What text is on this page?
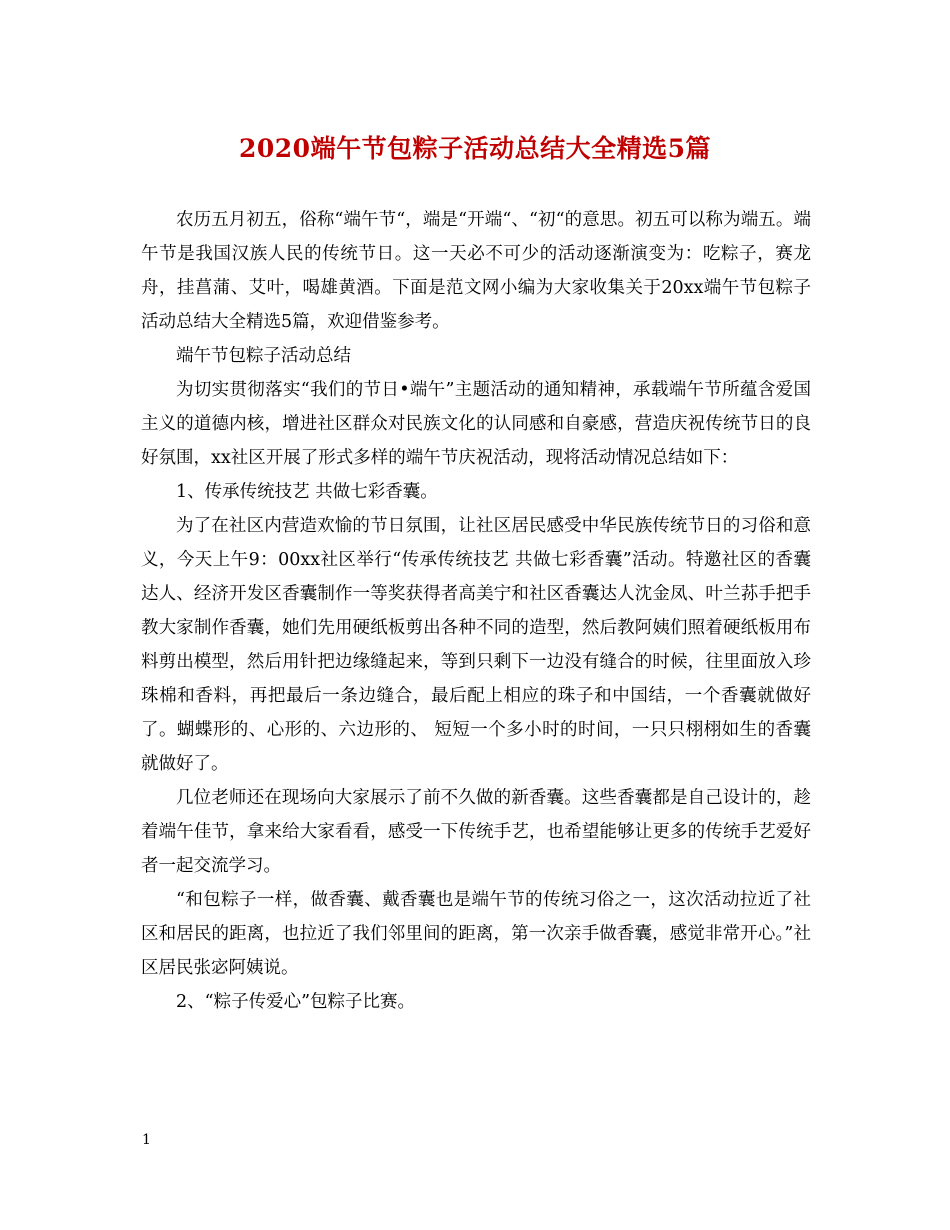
2020端午节包粽子活动总结大全精选5篇

农历五月初五，俗称“端午节“，端是“开端“、“初“的意思。初五可以称为端五。端午节是我国汉族人民的传统节日。这一天必不可少的活动逐渐演变为：吃粽子，赛龙舟，挂菖蒲、艾叶，喝雄黄酒。下面是范文网小编为大家收集关于20xx端午节包粽子活动总结大全精选5篇，欢迎借鉴参考。

端午节包粽子活动总结

为切实贯彻落实“我们的节日•端午”主题活动的通知精神，承载端午节所蕴含爱国主义的道德内核，增进社区群众对民族文化的认同感和自豪感，营造庆祝传统节日的良好氛围，xx社区开展了形式多样的端午节庆祝活动，现将活动情况总结如下：

1、传承传统技艺 共做七彩香囊。

为了在社区内营造欢愉的节日氛围，让社区居民感受中华民族传统节日的习俗和意义，今天上午9：00xx社区举行“传承传统技艺 共做七彩香囊”活动。特邀社区的香囊达人、经济开发区香囊制作一等奖获得者高美宁和社区香囊达人沈金凤、叶兰荪手把手教大家制作香囊，她们先用硬纸板剪出各种不同的造型，然后教阿姨们照着硬纸板用布料剪出模型，然后用针把边缘缝起来，等到只剩下一边没有缝合的时候，往里面放入珍珠棉和香料，再把最后一条边缝合，最后配上相应的珠子和中国结，一个香囊就做好了。蝴蝶形的、心形的、六边形的、 短短一个多小时的时间，一只只栩栩如生的香囊就做好了。

几位老师还在现场向大家展示了前不久做的新香囊。这些香囊都是自己设计的，趁着端午佳节，拿来给大家看看，感受一下传统手艺，也希望能够让更多的传统手艺爱好者一起交流学习。

“和包粽子一样，做香囊、戴香囊也是端午节的传统习俗之一，这次活动拉近了社区和居民的距离，也拉近了我们邻里间的距离，第一次亲手做香囊，感觉非常开心。”社区居民张宓阿姨说。

2、“粽子传爱心”包粽子比赛。

1
